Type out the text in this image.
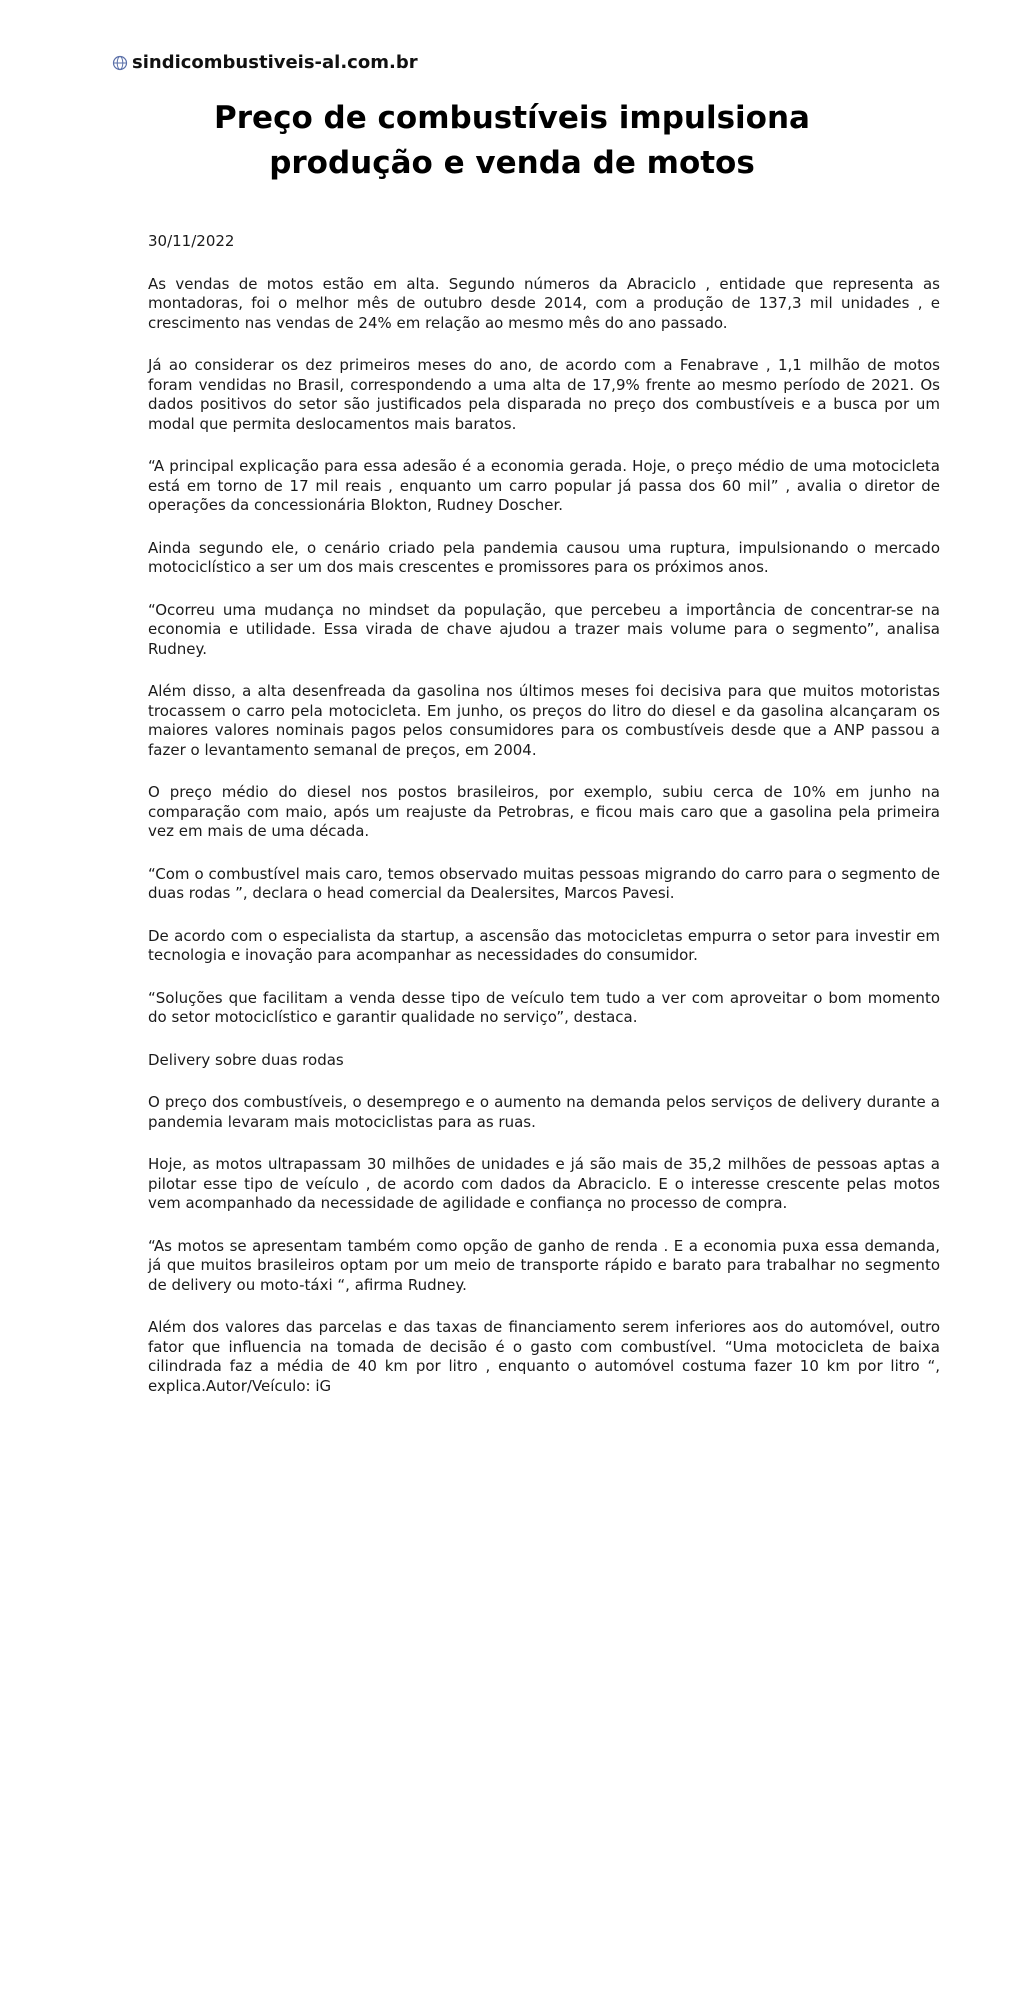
sindicombustiveis-al.com.br
Preço de combustíveis impulsiona produção e venda de motos

30/11/2022

As vendas de motos estão em alta. Segundo números da Abraciclo , entidade que representa as montadoras, foi o melhor mês de outubro desde 2014, com a produção de 137,3 mil unidades , e crescimento nas vendas de 24% em relação ao mesmo mês do ano passado.

Já ao considerar os dez primeiros meses do ano, de acordo com a Fenabrave , 1,1 milhão de motos foram vendidas no Brasil, correspondendo a uma alta de 17,9% frente ao mesmo período de 2021. Os dados positivos do setor são justificados pela disparada no preço dos combustíveis e a busca por um modal que permita deslocamentos mais baratos.

“A principal explicação para essa adesão é a economia gerada. Hoje, o preço médio de uma motocicleta está em torno de 17 mil reais , enquanto um carro popular já passa dos 60 mil” , avalia o diretor de operações da concessionária Blokton, Rudney Doscher.

Ainda segundo ele, o cenário criado pela pandemia causou uma ruptura, impulsionando o mercado motociclístico a ser um dos mais crescentes e promissores para os próximos anos.

“Ocorreu uma mudança no mindset da população, que percebeu a importância de concentrar-se na economia e utilidade. Essa virada de chave ajudou a trazer mais volume para o segmento”, analisa Rudney.

Além disso, a alta desenfreada da gasolina nos últimos meses foi decisiva para que muitos motoristas trocassem o carro pela motocicleta. Em junho, os preços do litro do diesel e da gasolina alcançaram os maiores valores nominais pagos pelos consumidores para os combustíveis desde que a ANP passou a fazer o levantamento semanal de preços, em 2004.

O preço médio do diesel nos postos brasileiros, por exemplo, subiu cerca de 10% em junho na comparação com maio, após um reajuste da Petrobras, e ficou mais caro que a gasolina pela primeira vez em mais de uma década.

“Com o combustível mais caro, temos observado muitas pessoas migrando do carro para o segmento de duas rodas ”, declara o head comercial da Dealersites, Marcos Pavesi.

De acordo com o especialista da startup, a ascensão das motocicletas empurra o setor para investir em tecnologia e inovação para acompanhar as necessidades do consumidor.

“Soluções que facilitam a venda desse tipo de veículo tem tudo a ver com aproveitar o bom momento do setor motociclístico e garantir qualidade no serviço”, destaca.

Delivery sobre duas rodas

O preço dos combustíveis, o desemprego e o aumento na demanda pelos serviços de delivery durante a pandemia levaram mais motociclistas para as ruas.

Hoje, as motos ultrapassam 30 milhões de unidades e já são mais de 35,2 milhões de pessoas aptas a pilotar esse tipo de veículo , de acordo com dados da Abraciclo. E o interesse crescente pelas motos vem acompanhado da necessidade de agilidade e confiança no processo de compra.

“As motos se apresentam também como opção de ganho de renda . E a economia puxa essa demanda, já que muitos brasileiros optam por um meio de transporte rápido e barato para trabalhar no segmento de delivery ou moto-táxi “, afirma Rudney.

Além dos valores das parcelas e das taxas de financiamento serem inferiores aos do automóvel, outro fator que influencia na tomada de decisão é o gasto com combustível. “Uma motocicleta de baixa cilindrada faz a média de 40 km por litro , enquanto o automóvel costuma fazer 10 km por litro “, explica.Autor/Veículo: iG
